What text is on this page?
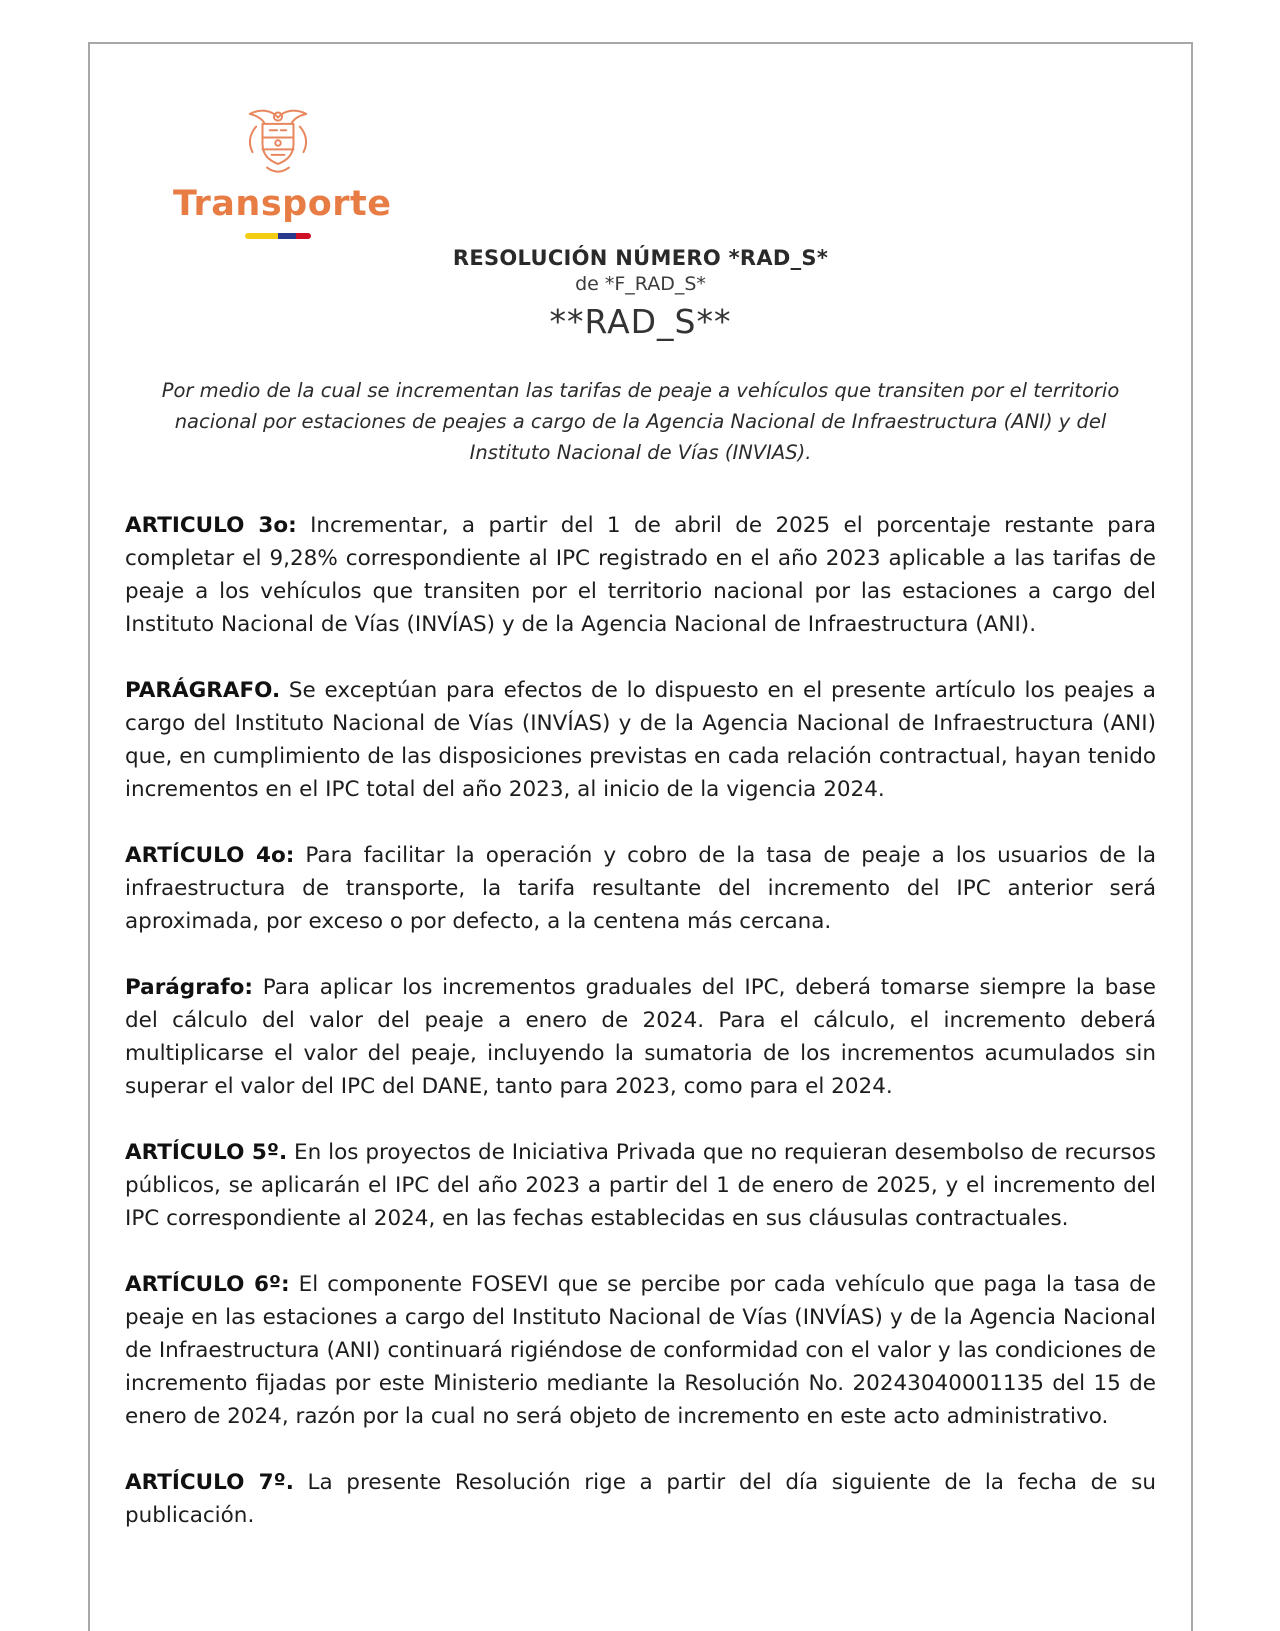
Transporte
RESOLUCIÓN NÚMERO *RAD_S*
de *F_RAD_S*
**RAD_S**
Por medio de la cual se incrementan las tarifas de peaje a vehículos que transiten por el territorio nacional por estaciones de peajes a cargo de la Agencia Nacional de Infraestructura (ANI) y del Instituto Nacional de Vías (INVIAS).

ARTICULO 3o: Incrementar, a partir del 1 de abril de 2025 el porcentaje restante para completar el 9,28% correspondiente al IPC registrado en el año 2023 aplicable a las tarifas de peaje a los vehículos que transiten por el territorio nacional por las estaciones a cargo del Instituto Nacional de Vías (INVÍAS) y de la Agencia Nacional de Infraestructura (ANI).

PARÁGRAFO. Se exceptúan para efectos de lo dispuesto en el presente artículo los peajes a cargo del Instituto Nacional de Vías (INVÍAS) y de la Agencia Nacional de Infraestructura (ANI) que, en cumplimiento de las disposiciones previstas en cada relación contractual, hayan tenido incrementos en el IPC total del año 2023, al inicio de la vigencia 2024.

ARTÍCULO 4o: Para facilitar la operación y cobro de la tasa de peaje a los usuarios de la infraestructura de transporte, la tarifa resultante del incremento del IPC anterior será aproximada, por exceso o por defecto, a la centena más cercana.

Parágrafo: Para aplicar los incrementos graduales del IPC, deberá tomarse siempre la base del cálculo del valor del peaje a enero de 2024. Para el cálculo, el incremento deberá multiplicarse el valor del peaje, incluyendo la sumatoria de los incrementos acumulados sin superar el valor del IPC del DANE, tanto para 2023, como para el 2024.

ARTÍCULO 5º. En los proyectos de Iniciativa Privada que no requieran desembolso de recursos públicos, se aplicarán el IPC del año 2023 a partir del 1 de enero de 2025, y el incremento del IPC correspondiente al 2024, en las fechas establecidas en sus cláusulas contractuales.

ARTÍCULO 6º: El componente FOSEVI que se percibe por cada vehículo que paga la tasa de peaje en las estaciones a cargo del Instituto Nacional de Vías (INVÍAS) y de la Agencia Nacional de Infraestructura (ANI) continuará rigiéndose de conformidad con el valor y las condiciones de incremento fijadas por este Ministerio mediante la Resolución No. 20243040001135 del 15 de enero de 2024, razón por la cual no será objeto de incremento en este acto administrativo.

ARTÍCULO 7º. La presente Resolución rige a partir del día siguiente de la fecha de su publicación.
